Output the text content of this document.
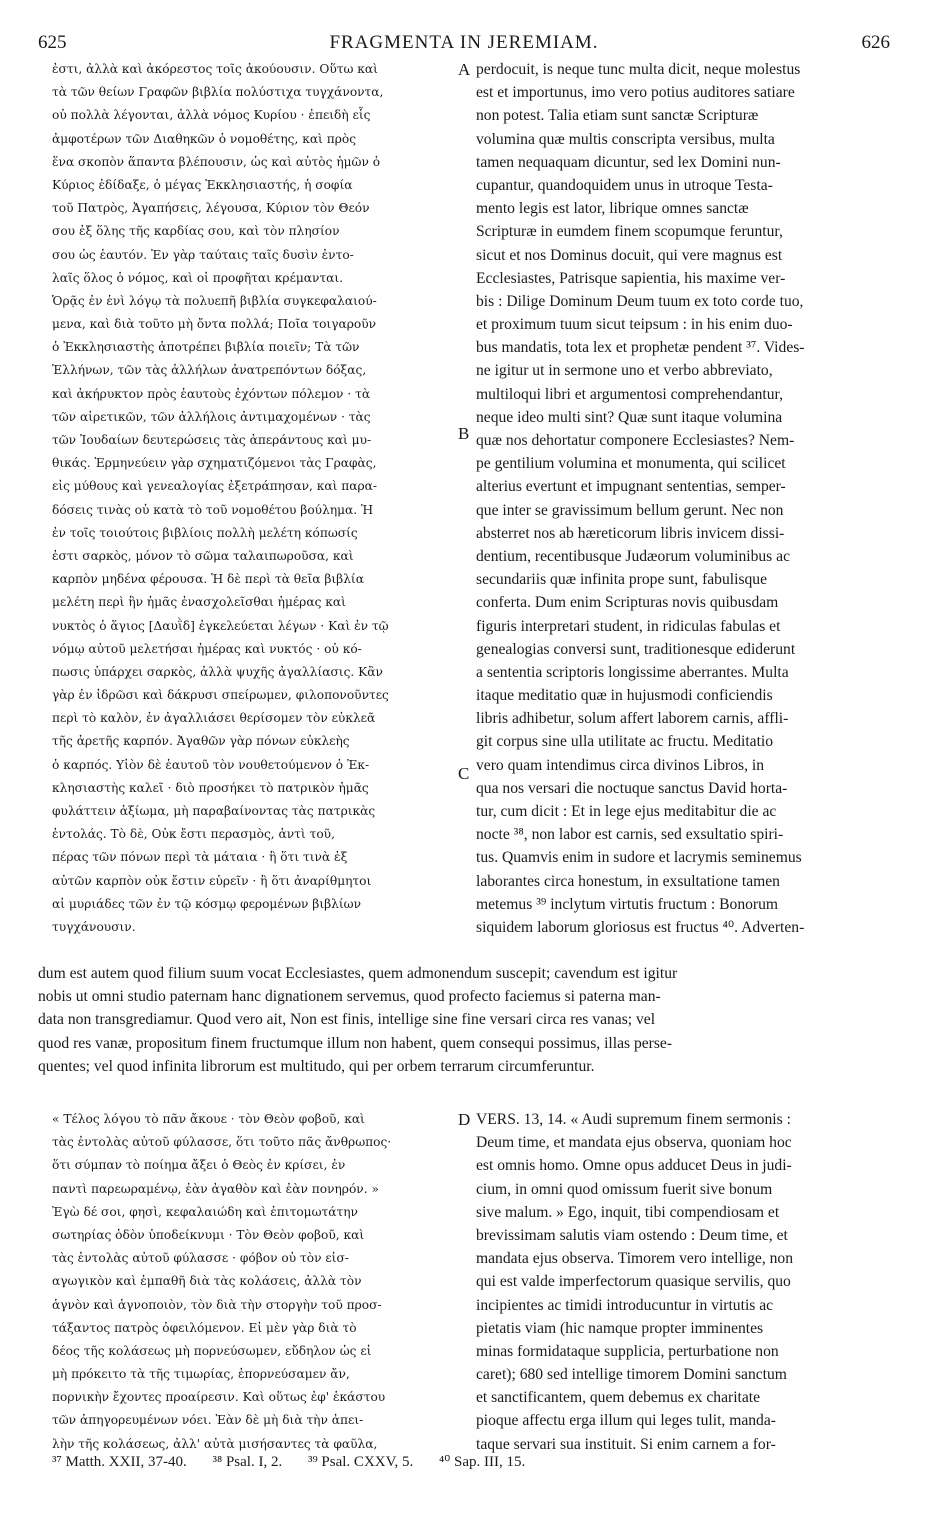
625	FRAGMENTA IN JEREMIAM.	626
A
B
C
D
ἐστι, ἀλλὰ καὶ ἀκόρεστος τοῖς ἀκούουσιν. Οὕτω καὶ
τὰ τῶν θείων Γραφῶν βιβλία πολύστιχα τυγχάνοντα,
οὐ πολλὰ λέγονται, ἀλλὰ νόμος Κυρίου · ἐπειδὴ εἷς
ἀμφοτέρων τῶν Διαθηκῶν ὁ νομοθέτης, καὶ πρὸς
ἕνα σκοπὸν ἅπαντα βλέπουσιν, ὡς καὶ αὐτὸς ἡμῶν ὁ
Κύριος ἐδίδαξε, ὁ μέγας Ἐκκλησιαστής, ἡ σοφία
τοῦ Πατρὸς, Ἀγαπήσεις, λέγουσα, Κύριον τὸν Θεόν
σου ἐξ ὅλης τῆς καρδίας σου, καὶ τὸν πλησίον
σου ὡς ἑαυτόν. Ἐν γὰρ ταύταις ταῖς δυσὶν ἐντο-
λαῖς ὅλος ὁ νόμος, καὶ οἱ προφῆται κρέμανται.
Ὁρᾷς ἐν ἑνὶ λόγῳ τὰ πολυεπῆ βιβλία συγκεφαλαιού-
μενα, καὶ διὰ τοῦτο μὴ ὄντα πολλά; Ποῖα τοιγαροῦν
ὁ Ἐκκλησιαστὴς ἀποτρέπει βιβλία ποιεῖν; Τὰ τῶν
Ἑλλήνων, τῶν τὰς ἀλλήλων ἀνατρεπόντων δόξας,
καὶ ἀκήρυκτον πρὸς ἑαυτοὺς ἐχόντων πόλεμον · τὰ
τῶν αἱρετικῶν, τῶν ἀλλήλοις ἀντιμαχομένων · τὰς
τῶν Ἰουδαίων δευτερώσεις τὰς ἀπεράντους καὶ μυ-
θικάς. Ἑρμηνεύειν γὰρ σχηματιζόμενοι τὰς Γραφὰς,
εἰς μύθους καὶ γενεαλογίας ἐξετράπησαν, καὶ παρα-
δόσεις τινὰς οὐ κατὰ τὸ τοῦ νομοθέτου βούλημα. Ἡ
ἐν τοῖς τοιούτοις βιβλίοις πολλὴ μελέτη κόπωσίς
ἐστι σαρκὸς, μόνον τὸ σῶμα ταλαιπωροῦσα, καὶ
καρπὸν μηδένα φέρουσα. Ἡ δὲ περὶ τὰ θεῖα βιβλία
μελέτη περὶ ἣν ἡμᾶς ἐνασχολεῖσθαι ἡμέρας καὶ
νυκτὸς ὁ ἅγιος [Δαυῒδ] ἐγκελεύεται λέγων · Καὶ ἐν τῷ
νόμῳ αὐτοῦ μελετήσαι ἡμέρας καὶ νυκτός · οὐ κό-
πωσις ὑπάρχει σαρκὸς, ἀλλὰ ψυχῆς ἀγαλλίασις. Κἂν
γὰρ ἐν ἱδρῶσι καὶ δάκρυσι σπείρωμεν, φιλοπονοῦντες
περὶ τὸ καλὸν, ἐν ἀγαλλιάσει θερίσομεν τὸν εὐκλεᾶ
τῆς ἀρετῆς καρπόν. Ἀγαθῶν γὰρ πόνων εὐκλεὴς
ὁ καρπός. Υἱὸν δὲ ἑαυτοῦ τὸν νουθετούμενον ὁ Ἐκ-
κλησιαστὴς καλεῖ · διὸ προσήκει τὸ πατρικὸν ἡμᾶς
φυλάττειν ἀξίωμα, μὴ παραβαίνοντας τὰς πατρικὰς
ἐντολάς. Τὸ δὲ, Οὐκ ἔστι περασμὸς, ἀντὶ τοῦ,
πέρας τῶν πόνων περὶ τὰ μάταια · ἢ ὅτι τινὰ ἐξ
αὐτῶν καρπὸν οὐκ ἔστιν εὑρεῖν · ἢ ὅτι ἀναρίθμητοι
αἱ μυριάδες τῶν ἐν τῷ κόσμῳ φερομένων βιβλίων
τυγχάνουσιν.
perdocuit, is neque tunc multa dicit, neque molestus
est et importunus, imo vero potius auditores satiare
non potest. Talia etiam sunt sanctæ Scripturæ
volumina quæ multis conscripta versibus, multa
tamen nequaquam dicuntur, sed lex Domini nun-
cupantur, quandoquidem unus in utroque Testa-
mento legis est lator, librique omnes sanctæ
Scripturæ in eumdem finem scopumque feruntur,
sicut et nos Dominus docuit, qui vere magnus est
Ecclesiastes, Patrisque sapientia, his maxime ver-
bis : Dilige Dominum Deum tuum ex toto corde tuo,
et proximum tuum sicut teipsum : in his enim duo-
bus mandatis, tota lex et prophetæ pendent ³⁷. Vides-
ne igitur ut in sermone uno et verbo abbreviato,
multiloqui libri et argumentosi comprehendantur,
neque ideo multi sint? Quæ sunt itaque volumina
quæ nos dehortatur componere Ecclesiastes? Nem-
pe gentilium volumina et monumenta, qui scilicet
alterius evertunt et impugnant sententias, semper-
que inter se gravissimum bellum gerunt. Nec non
absterret nos ab hæreticorum libris invicem dissi-
dentium, recentibusque Judæorum voluminibus ac
secundariis quæ infinita prope sunt, fabulisque
conferta. Dum enim Scripturas novis quibusdam
figuris interpretari student, in ridiculas fabulas et
genealogias conversi sunt, traditionesque ediderunt
a sententia scriptoris longissime aberrantes. Multa
itaque meditatio quæ in hujusmodi conficiendis
libris adhibetur, solum affert laborem carnis, affli-
git corpus sine ulla utilitate ac fructu. Meditatio
vero quam intendimus circa divinos Libros, in
qua nos versari die noctuque sanctus David horta-
tur, cum dicit : Et in lege ejus meditabitur die ac
nocte ³⁸, non labor est carnis, sed exsultatio spiri-
tus. Quamvis enim in sudore et lacrymis seminemus
laborantes circa honestum, in exsultatione tamen
metemus ³⁹ inclytum virtutis fructum : Bonorum
siquidem laborum gloriosus est fructus ⁴⁰. Adverten-
dum est autem quod filium suum vocat Ecclesiastes, quem admonendum suscepit; cavendum est igitur
nobis ut omni studio paternam hanc dignationem servemus, quod profecto faciemus si paterna man-
data non transgrediamur. Quod vero ait, Non est finis, intellige sine fine versari circa res vanas; vel
quod res vanæ, propositum finem fructumque illum non habent, quem consequi possimus, illas perse-
quentes; vel quod infinita librorum est multitudo, qui per orbem terrarum circumferuntur.
« Τέλος λόγου τὸ πᾶν ἄκουε · τὸν Θεὸν φοβοῦ, καὶ
τὰς ἐντολὰς αὐτοῦ φύλασσε, ὅτι τοῦτο πᾶς ἄνθρωπος·
ὅτι σύμπαν τὸ ποίημα ἄξει ὁ Θεὸς ἐν κρίσει, ἐν
παντὶ παρεωραμένῳ, ἐὰν ἀγαθὸν καὶ ἐὰν πονηρόν. »
Ἐγὼ δέ σοι, φησὶ, κεφαλαιώδη καὶ ἐπιτομωτάτην
σωτηρίας ὁδὸν ὑποδείκνυμι · Τὸν Θεὸν φοβοῦ, καὶ
τὰς ἐντολὰς αὐτοῦ φύλασσε · φόβον οὐ τὸν εἰσ-
αγωγικὸν καὶ ἐμπαθῆ διὰ τὰς κολάσεις, ἀλλὰ τὸν
ἁγνὸν καὶ ἁγνοποιὸν, τὸν διὰ τὴν στοργὴν τοῦ προσ-
τάξαντος πατρὸς ὀφειλόμενον. Εἰ μὲν γὰρ διὰ τὸ
δέος τῆς κολάσεως μὴ πορνεύσωμεν, εὔδηλον ὡς εἰ
μὴ πρόκειτο τὰ τῆς τιμωρίας, ἐπορνεύσαμεν ἄν,
πορνικὴν ἔχοντες προαίρεσιν. Καὶ οὕτως ἐφ' ἑκάστου
τῶν ἀπηγορευμένων νόει. Ἐὰν δὲ μὴ διὰ τὴν ἀπει-
λὴν τῆς κολάσεως, ἀλλ' αὐτὰ μισήσαντες τὰ φαῦλα,
VERS. 13, 14. « Audi supremum finem sermonis :
Deum time, et mandata ejus observa, quoniam hoc
est omnis homo. Omne opus adducet Deus in judi-
cium, in omni quod omissum fuerit sive bonum
sive malum. » Ego, inquit, tibi compendiosam et
brevissimam salutis viam ostendo : Deum time, et
mandata ejus observa. Timorem vero intellige, non
qui est valde imperfectorum quasique servilis, quo
incipientes ac timidi introducuntur in virtutis ac
pietatis viam (hic namque propter imminentes
minas formidataque supplicia, perturbatione non
caret); 680 sed intellige timorem Domini sanctum
et sanctificantem, quem debemus ex charitate
pioque affectu erga illum qui leges tulit, manda-
taque servari sua instituit. Si enim carnem a for-
³⁷ Matth. XXII, 37-40. ³⁸ Psal. I, 2. ³⁹ Psal. CXXV, 5. ⁴⁰ Sap. III, 15.
